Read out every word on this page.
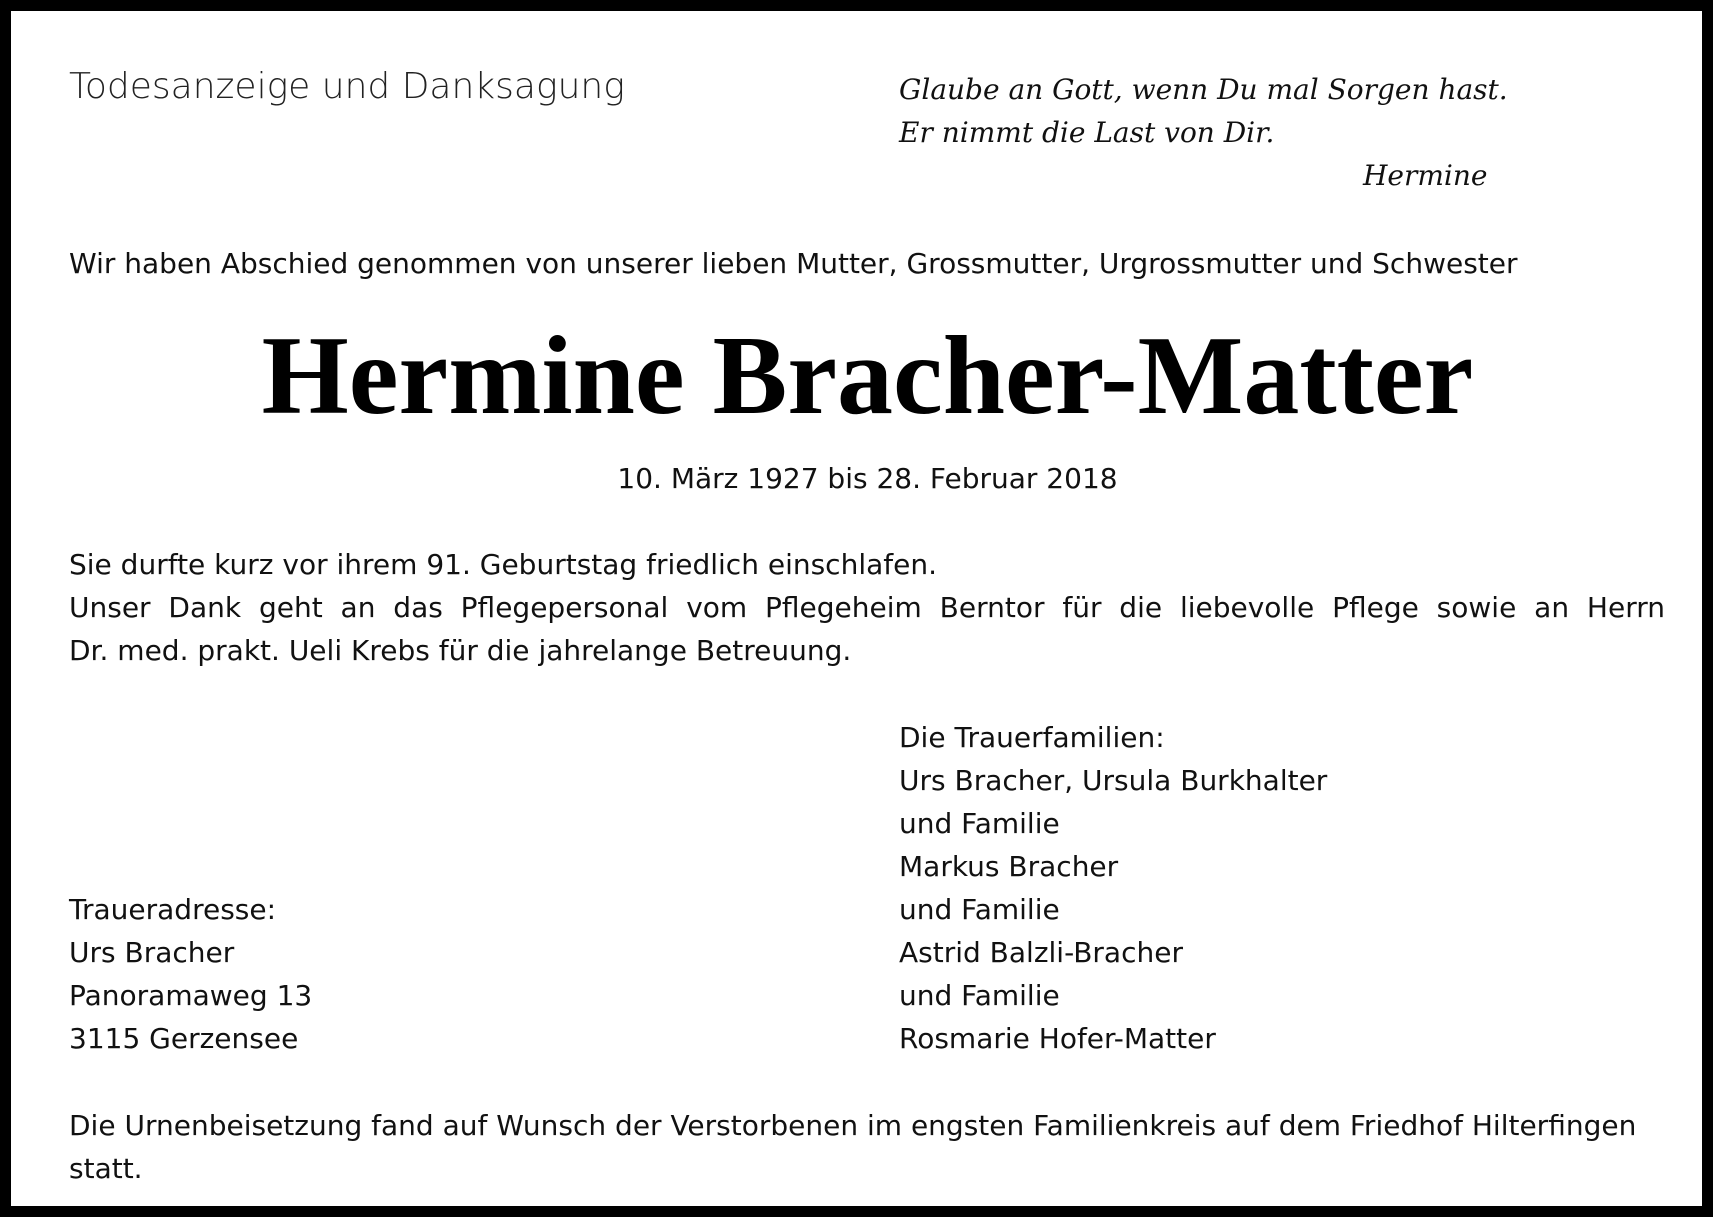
Todesanzeige und Danksagung	Glaube an Gott, wenn Du mal Sorgen hast.

Er nimmt die Last von Dir.

Hermine

Wir haben Abschied genommen von unserer lieben Mutter, Grossmutter, Urgrossmutter und Schwester

Hermine Bracher-Matter

10. März 1927 bis 28. Februar 2018

Sie durfte kurz vor ihrem 91. Geburtstag friedlich einschlafen.

Unser Dank geht an das Pflegepersonal vom Pflegeheim Berntor für die liebevolle Pflege sowie an Herrn

Dr. med. prakt. Ueli Krebs für die jahrelange Betreuung.

Die Trauerfamilien:

Urs Bracher, Ursula Burkhalter

und Familie

Markus Bracher

und Familie

Astrid Balzli-Bracher

und Familie

Rosmarie Hofer-Matter

Traueradresse:

Urs Bracher

Panoramaweg 13

3115 Gerzensee

Die Urnenbeisetzung fand auf Wunsch der Verstorbenen im engsten Familienkreis auf dem Friedhof Hilterfingen

statt.
